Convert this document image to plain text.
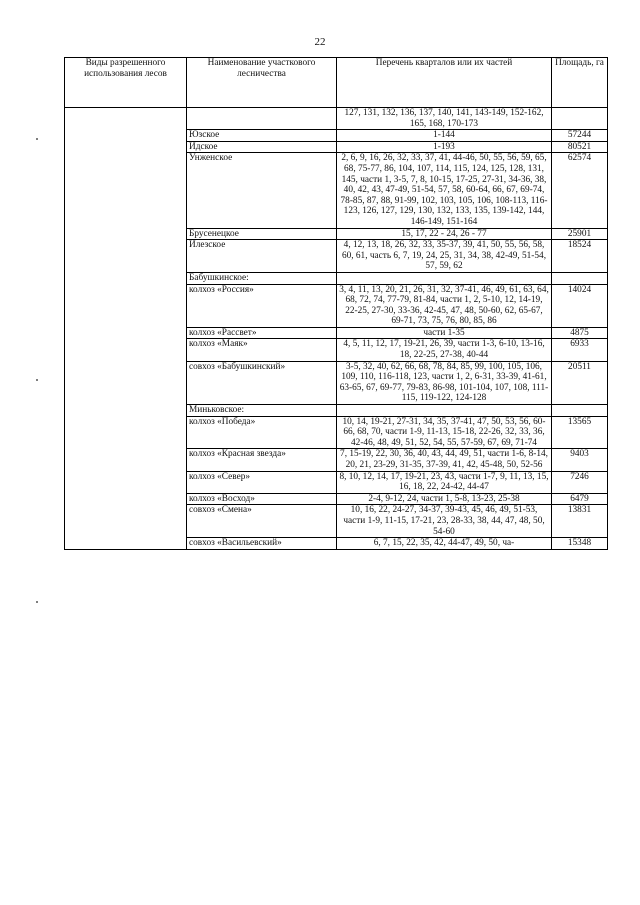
22
Виды разрешенного использования лесов	Наименование участкового лесничества	Перечень кварталов или их частей	Площадь, га
		127, 131, 132, 136, 137, 140, 141, 143-149, 152-162, 165, 168, 170-173	
	Юзское	1-144	57244
	Идское	1-193	80521
	Унженское	2, 6, 9, 16, 26, 32, 33, 37, 41, 44-46, 50, 55, 56, 59, 65, 68, 75-77, 86, 104, 107, 114, 115, 124, 125, 128, 131, 145, части 1, 3-5, 7, 8, 10-15, 17-25, 27-31, 34-36, 38, 40, 42, 43, 47-49, 51-54, 57, 58, 60-64, 66, 67, 69-74, 78-85, 87, 88, 91-99, 102, 103, 105, 106, 108-113, 116-123, 126, 127, 129, 130, 132, 133, 135, 139-142, 144, 146-149, 151-164	62574
	Брусенецкое	15, 17, 22 - 24, 26 - 77	25901
	Илезское	4, 12, 13, 18, 26, 32, 33, 35-37, 39, 41, 50, 55, 56, 58, 60, 61, часть 6, 7, 19, 24, 25, 31, 34, 38, 42-49, 51-54, 57, 59, 62	18524
	Бабушкинское:		
	колхоз «Россия»	3, 4, 11, 13, 20, 21, 26, 31, 32, 37-41, 46, 49, 61, 63, 64, 68, 72, 74, 77-79, 81-84, части 1, 2, 5-10, 12, 14-19, 22-25, 27-30, 33-36, 42-45, 47, 48, 50-60, 62, 65-67, 69-71, 73, 75, 76, 80, 85, 86	14024
	колхоз «Рассвет»	части 1-35	4875
	колхоз «Маяк»	4, 5, 11, 12, 17, 19-21, 26, 39, части 1-3, 6-10, 13-16, 18, 22-25, 27-38, 40-44	6933
	совхоз «Бабушкинский»	3-5, 32, 40, 62, 66, 68, 78, 84, 85, 99, 100, 105, 106, 109, 110, 116-118, 123, части 1, 2, 6-31, 33-39, 41-61, 63-65, 67, 69-77, 79-83, 86-98, 101-104, 107, 108, 111-115, 119-122, 124-128	20511
	Миньковское:		
	колхоз «Победа»	10, 14, 19-21, 27-31, 34, 35, 37-41, 47, 50, 53, 56, 60-66, 68, 70, части 1-9, 11-13, 15-18, 22-26, 32, 33, 36, 42-46, 48, 49, 51, 52, 54, 55, 57-59, 67, 69, 71-74	13565
	колхоз «Красная звезда»	7, 15-19, 22, 30, 36, 40, 43, 44, 49, 51, части 1-6, 8-14, 20, 21, 23-29, 31-35, 37-39, 41, 42, 45-48, 50, 52-56	9403
	колхоз «Север»	8, 10, 12, 14, 17, 19-21, 23, 43, части 1-7, 9, 11, 13, 15, 16, 18, 22, 24-42, 44-47	7246
	колхоз «Восход»	2-4, 9-12, 24, части 1, 5-8, 13-23, 25-38	6479
	совхоз «Смена»	10, 16, 22, 24-27, 34-37, 39-43, 45, 46, 49, 51-53, части 1-9, 11-15, 17-21, 23, 28-33, 38, 44, 47, 48, 50, 54-60	13831
	совхоз «Васильевский»	6, 7, 15, 22, 35, 42, 44-47, 49, 50, ча-	15348
